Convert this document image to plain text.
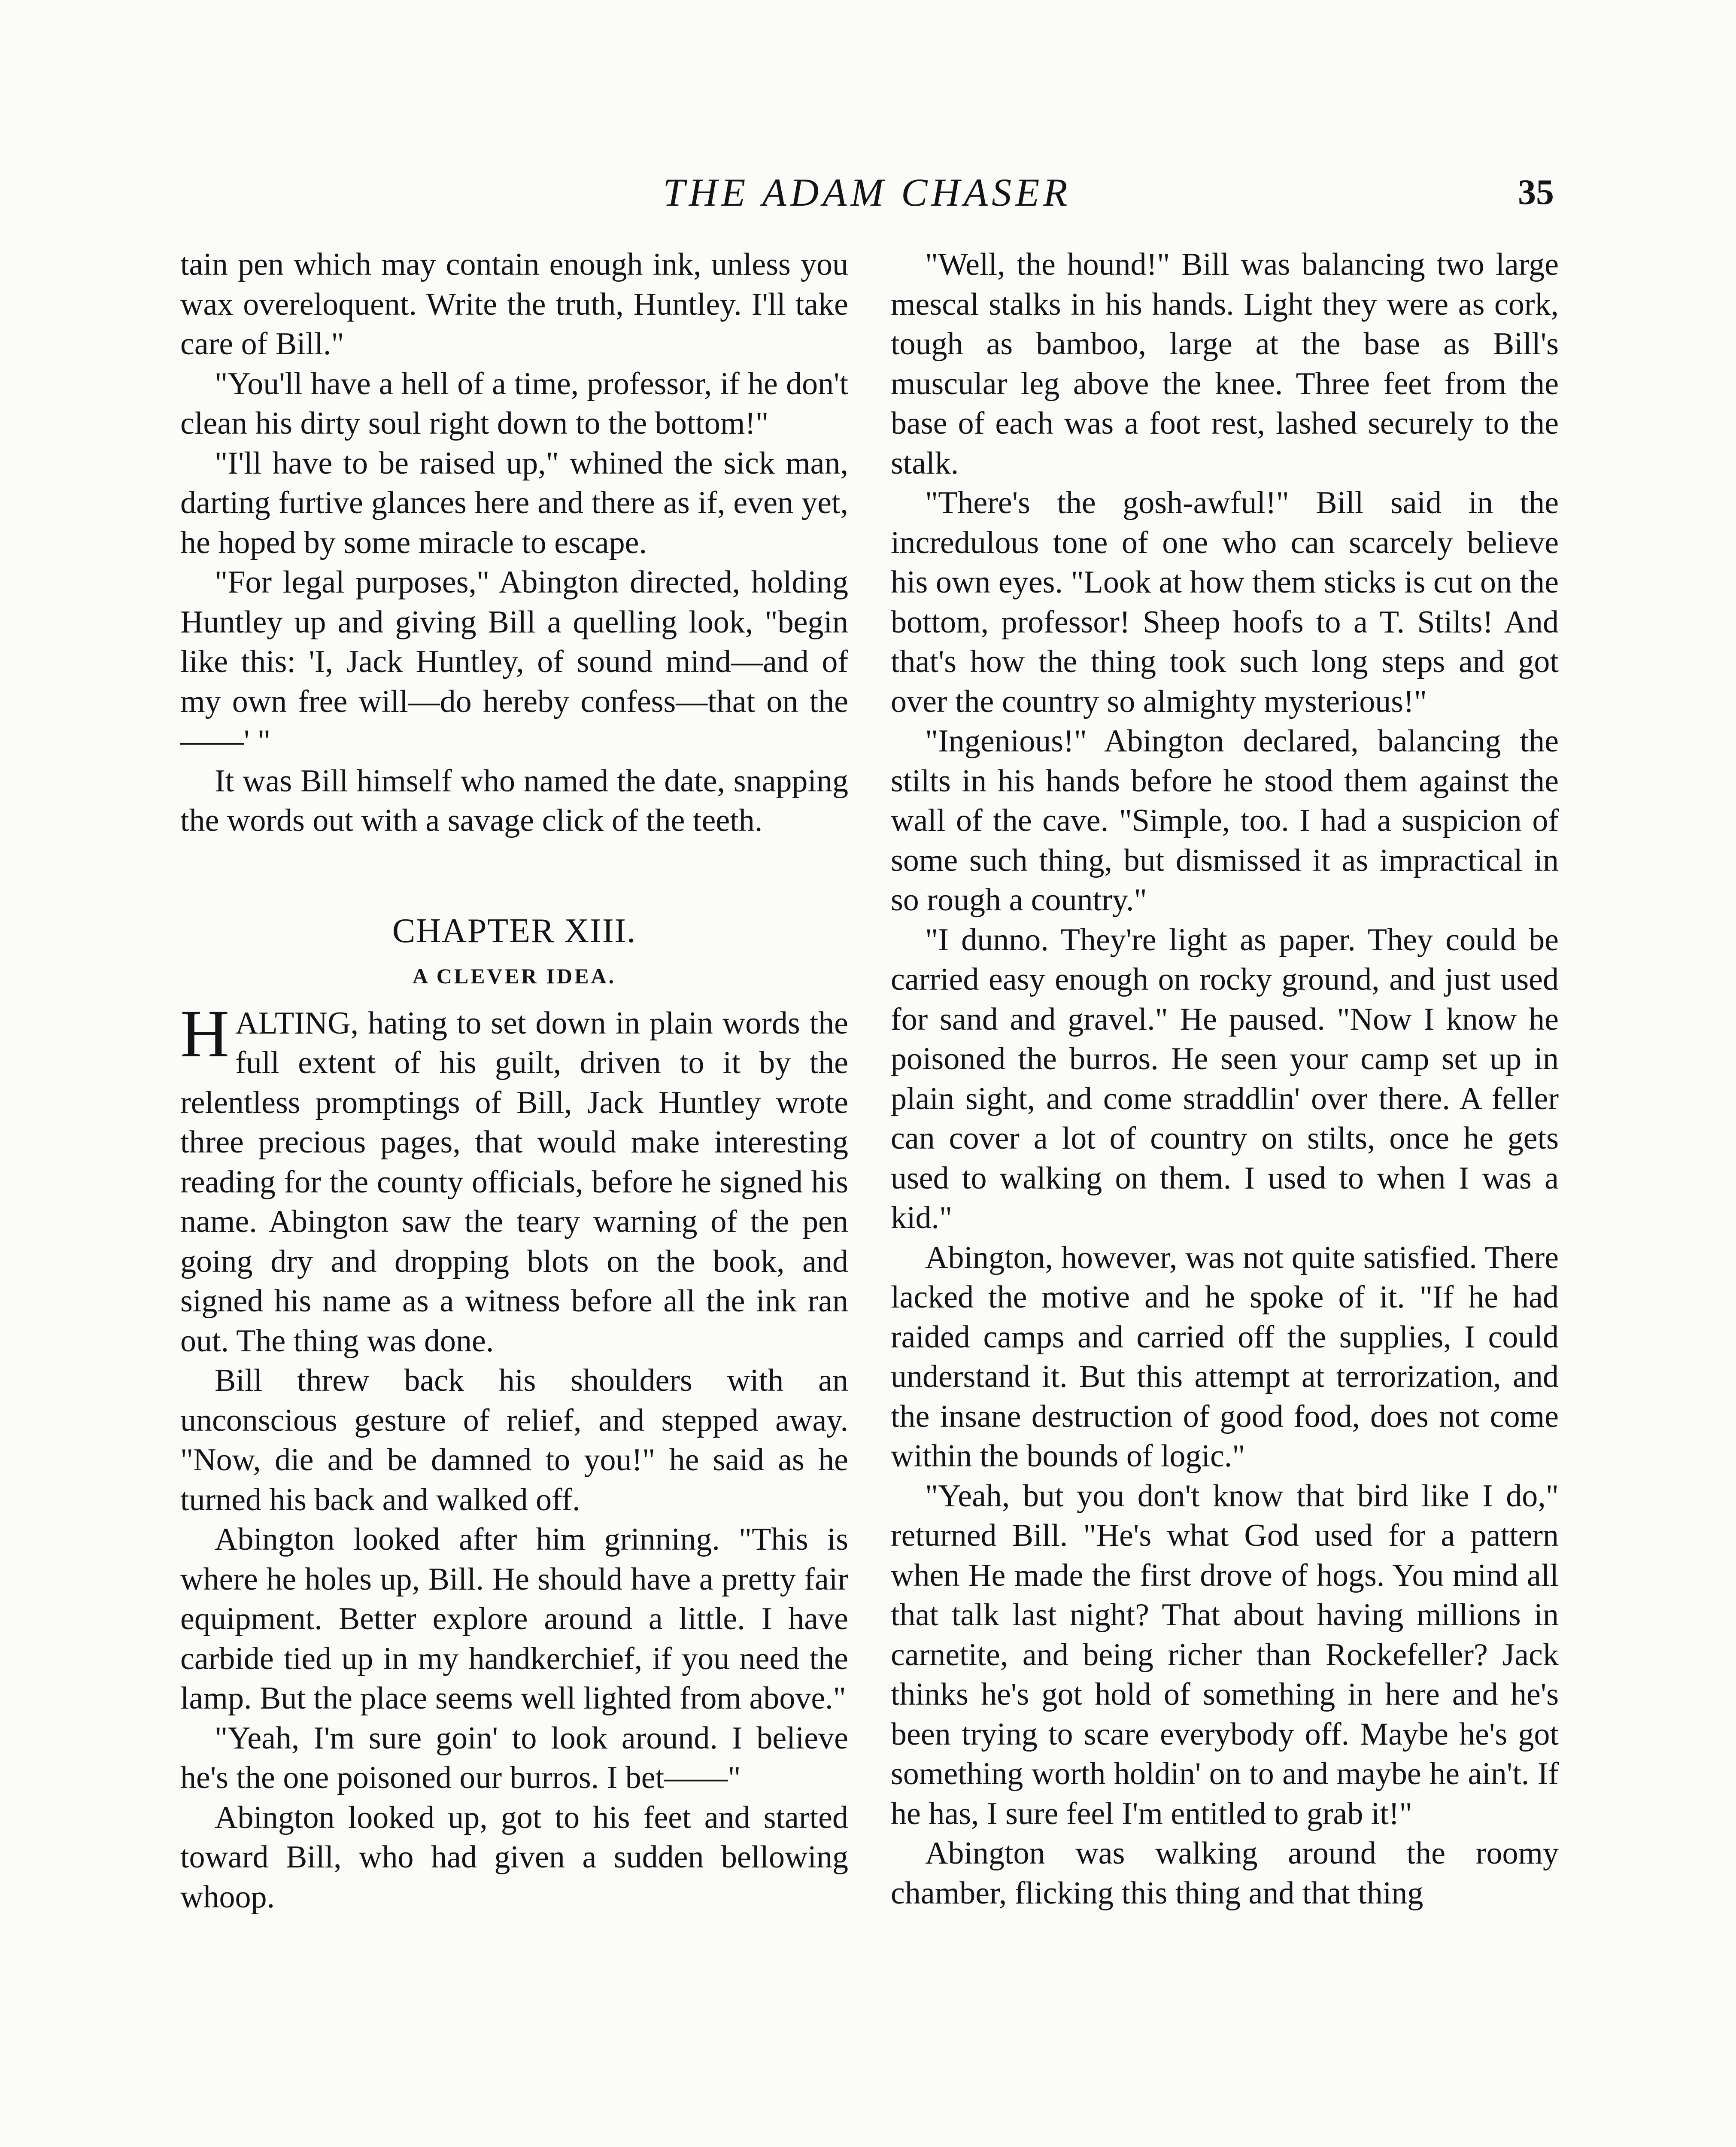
THE ADAM CHASER	35

tain pen which may contain enough ink, unless you wax overeloquent. Write the truth, Huntley. I'll take care of Bill."

"You'll have a hell of a time, professor, if he don't clean his dirty soul right down to the bottom!"

"I'll have to be raised up," whined the sick man, darting furtive glances here and there as if, even yet, he hoped by some miracle to escape.

"For legal purposes," Abington directed, holding Huntley up and giving Bill a quelling look, "begin like this: 'I, Jack Huntley, of sound mind—and of my own free will—do hereby confess—that on the——' "

It was Bill himself who named the date, snapping the words out with a savage click of the teeth.

CHAPTER XIII.
A CLEVER IDEA.

HALTING, hating to set down in plain words the full extent of his guilt, driven to it by the relentless promptings of Bill, Jack Huntley wrote three precious pages, that would make interesting reading for the county officials, before he signed his name. Abington saw the teary warning of the pen going dry and dropping blots on the book, and signed his name as a witness before all the ink ran out. The thing was done.

Bill threw back his shoulders with an unconscious gesture of relief, and stepped away. "Now, die and be damned to you!" he said as he turned his back and walked off.

Abington looked after him grinning. "This is where he holes up, Bill. He should have a pretty fair equipment. Better explore around a little. I have carbide tied up in my handkerchief, if you need the lamp. But the place seems well lighted from above."

"Yeah, I'm sure goin' to look around. I believe he's the one poisoned our burros. I bet——"

Abington looked up, got to his feet and started toward Bill, who had given a sudden bellowing whoop.

"Well, the hound!" Bill was balancing two large mescal stalks in his hands. Light they were as cork, tough as bamboo, large at the base as Bill's muscular leg above the knee. Three feet from the base of each was a foot rest, lashed securely to the stalk.

"There's the gosh-awful!" Bill said in the incredulous tone of one who can scarcely believe his own eyes. "Look at how them sticks is cut on the bottom, professor! Sheep hoofs to a T. Stilts! And that's how the thing took such long steps and got over the country so almighty mysterious!"

"Ingenious!" Abington declared, balancing the stilts in his hands before he stood them against the wall of the cave. "Simple, too. I had a suspicion of some such thing, but dismissed it as impractical in so rough a country."

"I dunno. They're light as paper. They could be carried easy enough on rocky ground, and just used for sand and gravel." He paused. "Now I know he poisoned the burros. He seen your camp set up in plain sight, and come straddlin' over there. A feller can cover a lot of country on stilts, once he gets used to walking on them. I used to when I was a kid."

Abington, however, was not quite satisfied. There lacked the motive and he spoke of it. "If he had raided camps and carried off the supplies, I could understand it. But this attempt at terrorization, and the insane destruction of good food, does not come within the bounds of logic."

"Yeah, but you don't know that bird like I do," returned Bill. "He's what God used for a pattern when He made the first drove of hogs. You mind all that talk last night? That about having millions in carnetite, and being richer than Rockefeller? Jack thinks he's got hold of something in here and he's been trying to scare everybody off. Maybe he's got something worth holdin' on to and maybe he ain't. If he has, I sure feel I'm entitled to grab it!"

Abington was walking around the roomy chamber, flicking this thing and that thing
